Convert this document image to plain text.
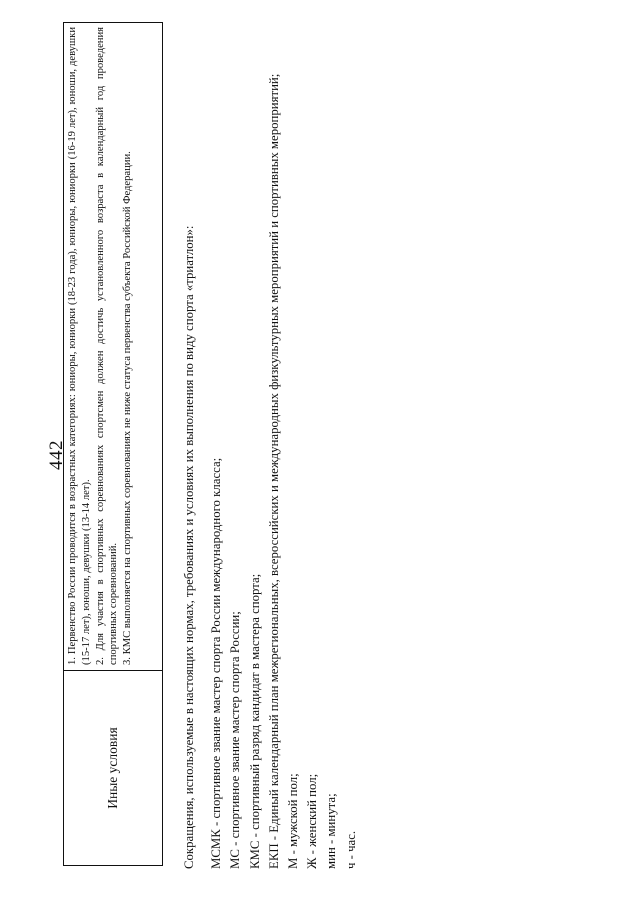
442
Иные условия

1. Первенство России проводится в возрастных категориях: юниоры, юниорки (18-23 года), юниоры, юниорки (16-19 лет), юноши, девушки (15-17 лет), юноши, девушки (13-14 лет). 2. Для участия в спортивных соревнованиях спортсмен должен достичь установленного возраста в календарный год проведения спортивных соревнований. 3. КМС выполняется на спортивных соревнованиях не ниже статуса первенства субъекта Российской Федерации.	Сокращения, используемые в настоящих нормах, требованиях и условиях их выполнения по виду спорта «триатлон»: МСМК - спортивное звание мастер спорта России международного класса; МС - спортивное звание мастер спорта России; КМС - спортивный разряд кандидат в мастера спорта; ЕКП - Единый календарный план межрегиональных, всероссийских и международных физкультурных мероприятий и спортивных мероприятий; М - мужской пол; Ж - женский пол; мин - минута; ч - час.
